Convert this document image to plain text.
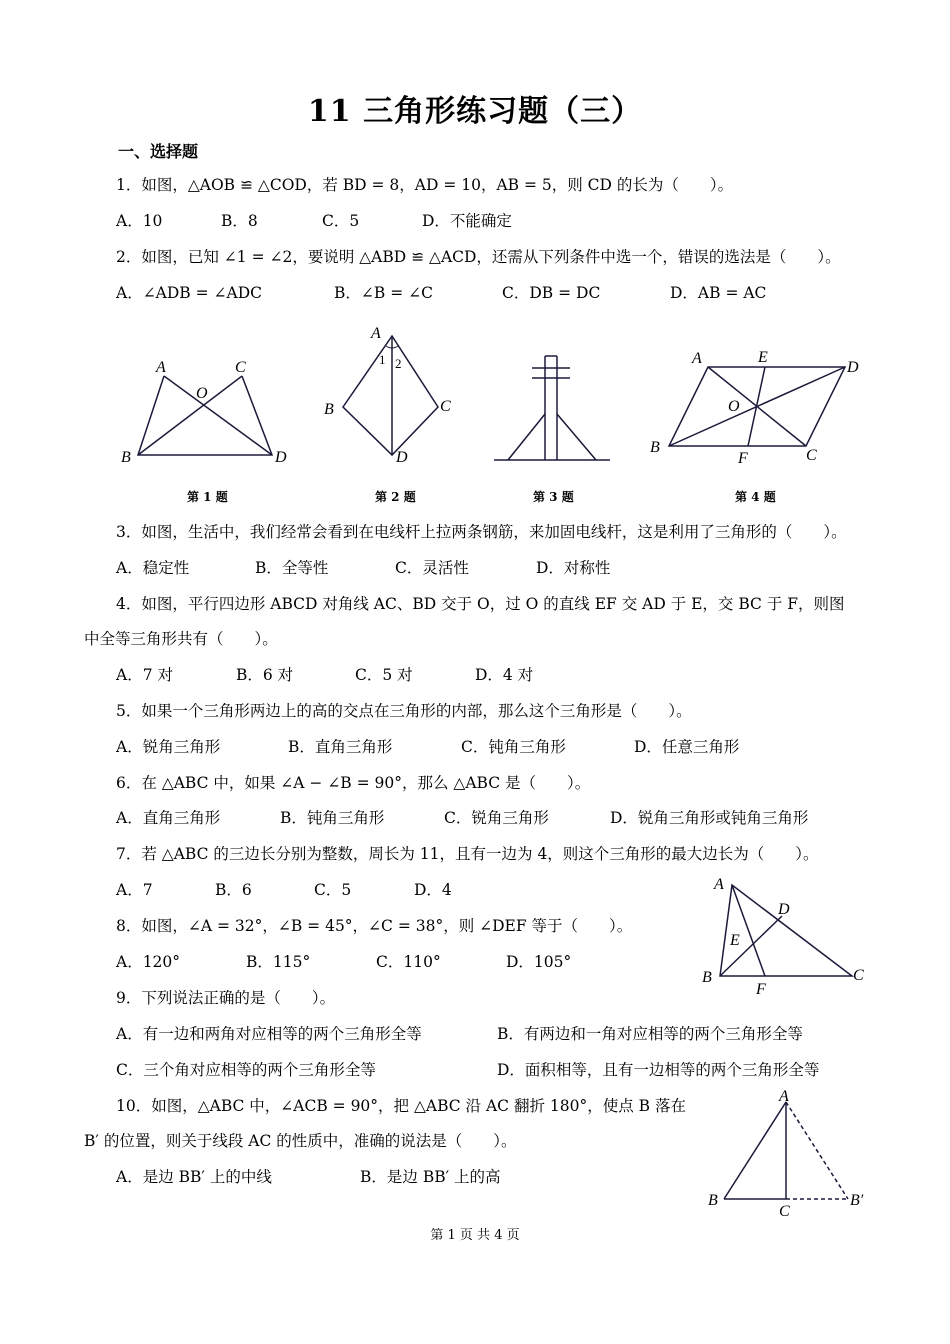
11 三角形练习题（三）
一、选择题
1．如图，△AOB ≌ △COD，若 BD = 8，AD = 10，AB = 5，则 CD 的长为（　　）。
A．10	B．8	C．5	D．不能确定
2．如图，已知 ∠1 = ∠2，要说明 △ABD ≌ △ACD，还需从下列条件中选一个，错误的选法是（　　）。
A．∠ADB = ∠ADC	B．∠B = ∠C	C．DB = DC	D．AB = AC
A	C
O
B	D
A
1 2
B	C
D
A	E
D
O
B
F	C
第 1 题	第 2 题	第 3 题	第 4 题
3．如图，生活中，我们经常会看到在电线杆上拉两条钢筋，来加固电线杆，这是利用了三角形的（　　）。
A．稳定性	B．全等性	C．灵活性	D．对称性
4．如图，平行四边形 ABCD 对角线 AC、BD 交于 O，过 O 的直线 EF 交 AD 于 E，交 BC 于 F，则图
中全等三角形共有（　　）。
A．7 对	B．6 对	C．5 对	D．4 对
5．如果一个三角形两边上的高的交点在三角形的内部，那么这个三角形是（　　）。
A．锐角三角形	B．直角三角形	C．钝角三角形	D．任意三角形
6．在 △ABC 中，如果 ∠A − ∠B = 90°，那么 △ABC 是（　　）。
A．直角三角形	B．钝角三角形	C．锐角三角形	D．锐角三角形或钝角三角形
7．若 △ABC 的三边长分别为整数，周长为 11，且有一边为 4，则这个三角形的最大边长为（　　）。
A．7	B．6	C．5	D．4
8．如图，∠A = 32°，∠B = 45°，∠C = 38°，则 ∠DEF 等于（　　）。
A．120°	B．115°	C．110°	D．105°
A
D
E
B
F
C
9．下列说法正确的是（　　）。
A．有一边和两角对应相等的两个三角形全等	B．有两边和一角对应相等的两个三角形全等
C．三个角对应相等的两个三角形全等	D．面积相等，且有一边相等的两个三角形全等
10．如图，△ABC 中，∠ACB = 90°，把 △ABC 沿 AC 翻折 180°，使点 B 落在
B′ 的位置，则关于线段 AC 的性质中，准确的说法是（　　）。
A．是边 BB′ 上的中线	B．是边 BB′ 上的高
A
B
C
B′
第 1 页 共 4 页
